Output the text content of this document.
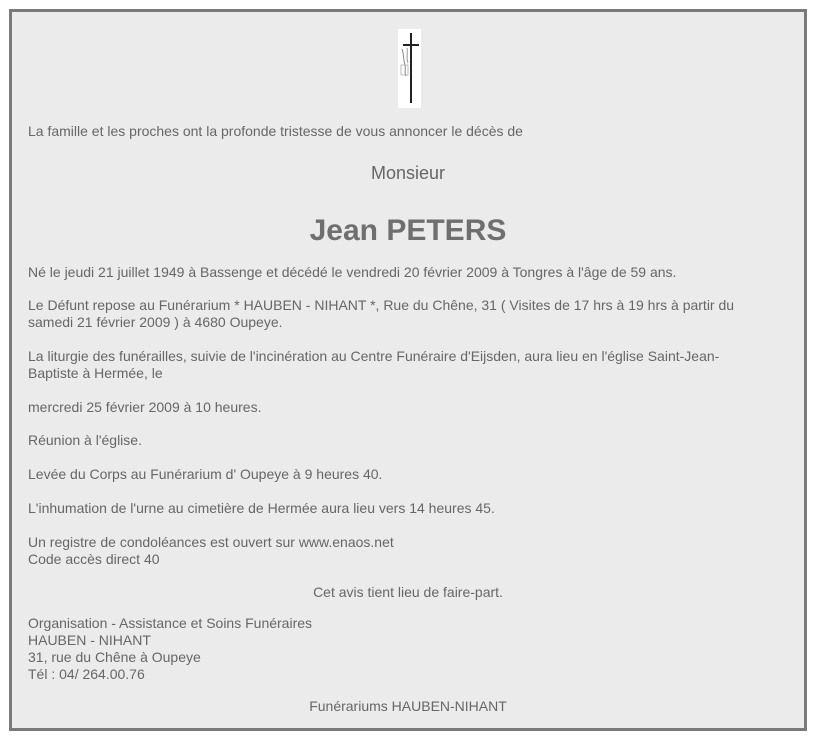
La famille et les proches ont la profonde tristesse de vous annoncer le décès de

Monsieur
Jean PETERS

Né le jeudi 21 juillet 1949 à Bassenge et décédé le vendredi 20 février 2009 à Tongres à l'âge de 59 ans.

Le Défunt repose au Funérarium * HAUBEN - NIHANT *, Rue du Chêne, 31 ( Visites de 17 hrs à 19 hrs à partir du

samedi 21 février 2009 ) à 4680 Oupeye.

La liturgie des funérailles, suivie de l'incinération au Centre Funéraire d'Eijsden, aura lieu en l'église Saint-Jean-

Baptiste à Hermée, le

mercredi 25 février 2009 à 10 heures.

Réunion à l'église.

Levée du Corps au Funérarium d' Oupeye à 9 heures 40.

L'inhumation de l'urne au cimetière de Hermée aura lieu vers 14 heures 45.

Un registre de condoléances est ouvert sur www.enaos.net

Code accès direct 40

Cet avis tient lieu de faire-part.

Organisation - Assistance et Soins Funéraires

HAUBEN - NIHANT

31, rue du Chêne à Oupeye

Tél : 04/ 264.00.76

Funérariums HAUBEN-NIHANT
